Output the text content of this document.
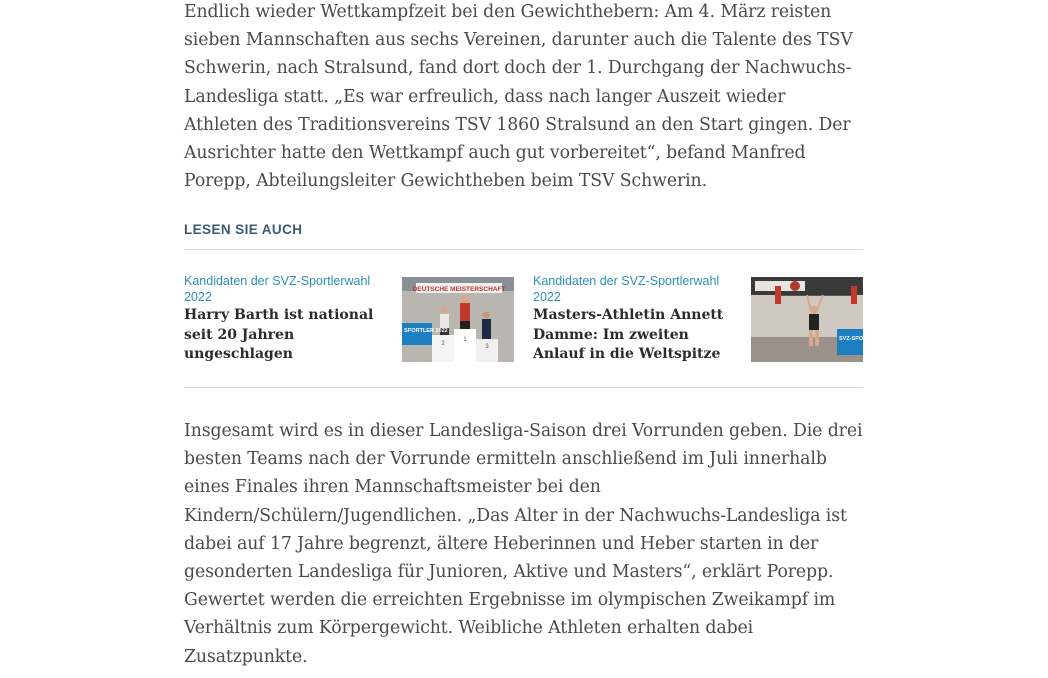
Endlich wieder Wettkampfzeit bei den Gewichthebern: Am 4. März reisten sieben Mannschaften aus sechs Vereinen, darunter auch die Talente des TSV Schwerin, nach Stralsund, fand dort doch der 1. Durchgang der Nachwuchs-Landesliga statt. „Es war erfreulich, dass nach langer Auszeit wieder Athleten des Traditionsvereins TSV 1860 Stralsund an den Start gingen. Der Ausrichter hatte den Wettkampf auch gut vorbereitet“, befand Manfred Porepp, Abteilungsleiter Gewichtheben beim TSV Schwerin.

LESEN SIE AUCH
Kandidaten der SVZ-Sportlerwahl 2022
Harry Barth ist national seit 20 Jahren ungeschlagen
DEUTSCHE MEISTERSCHAFT
1
2	3
SPORTLER 2022
Kandidaten der SVZ-Sportlerwahl 2022
Masters-Athletin Annett Damme: Im zweiten Anlauf in die Weltspitze
SVZ-SPORTLER WAHL

Insgesamt wird es in dieser Landesliga-Saison drei Vorrunden geben. Die drei besten Teams nach der Vorrunde ermitteln anschließend im Juli innerhalb eines Finales ihren Mannschaftsmeister bei den Kindern/Schülern/Jugendlichen. „Das Alter in der Nachwuchs-Landesliga ist dabei auf 17 Jahre begrenzt, ältere Heberinnen und Heber starten in der gesonderten Landesliga für Junioren, Aktive und Masters“, erklärt Porepp. Gewertet werden die erreichten Ergebnisse im olympischen Zweikampf im Verhältnis zum Körpergewicht. Weibliche Athleten erhalten dabei Zusatzpunkte.
